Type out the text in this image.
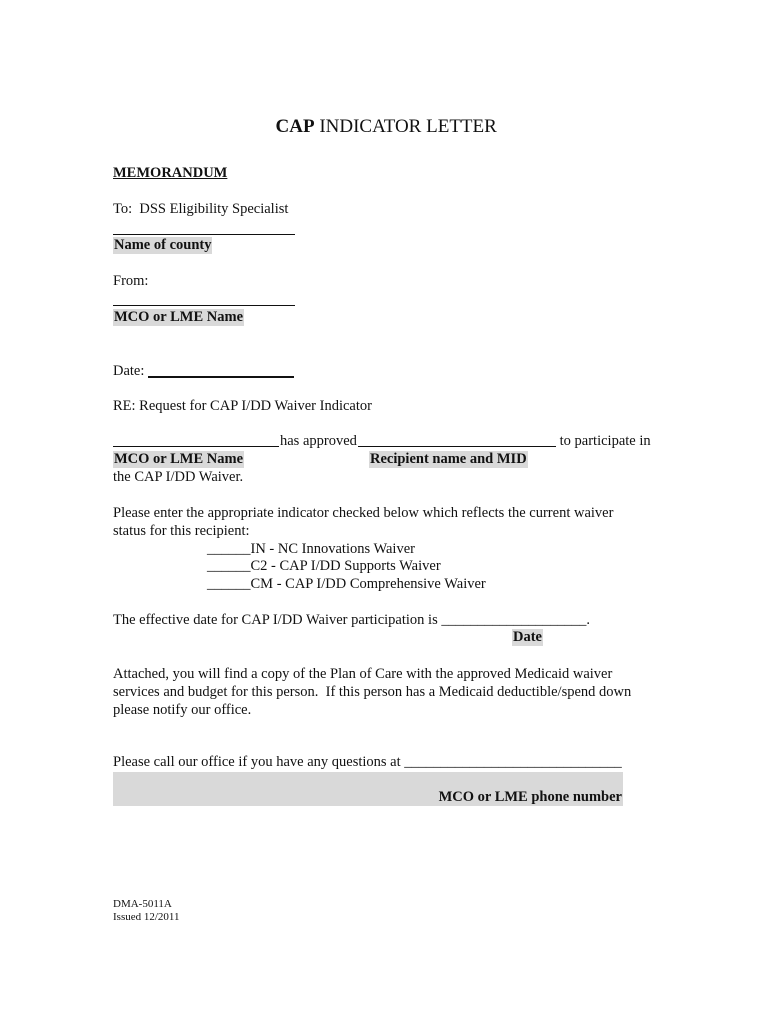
CAP INDICATOR LETTER

MEMORANDUM
To:  DSS Eligibility Specialist
Name of county
From:
MCO or LME Name
Date:
RE: Request for CAP I/DD Waiver Indicator
has approved	to participate in
MCO or LME Name	Recipient name and MID
the CAP I/DD Waiver.
Please enter the appropriate indicator checked below which reflects the current waiver
status for this recipient:
______IN - NC Innovations Waiver
______C2 - CAP I/DD Supports Waiver
______CM - CAP I/DD Comprehensive Waiver
The effective date for CAP I/DD Waiver participation is ____________________.
Date
Attached, you will find a copy of the Plan of Care with the approved Medicaid waiver
services and budget for this person.  If this person has a Medicaid deductible/spend down
please notify our office.
Please call our office if you have any questions at ______________________________

MCO or LME phone number

DMA-5011A
Issued 12/2011
